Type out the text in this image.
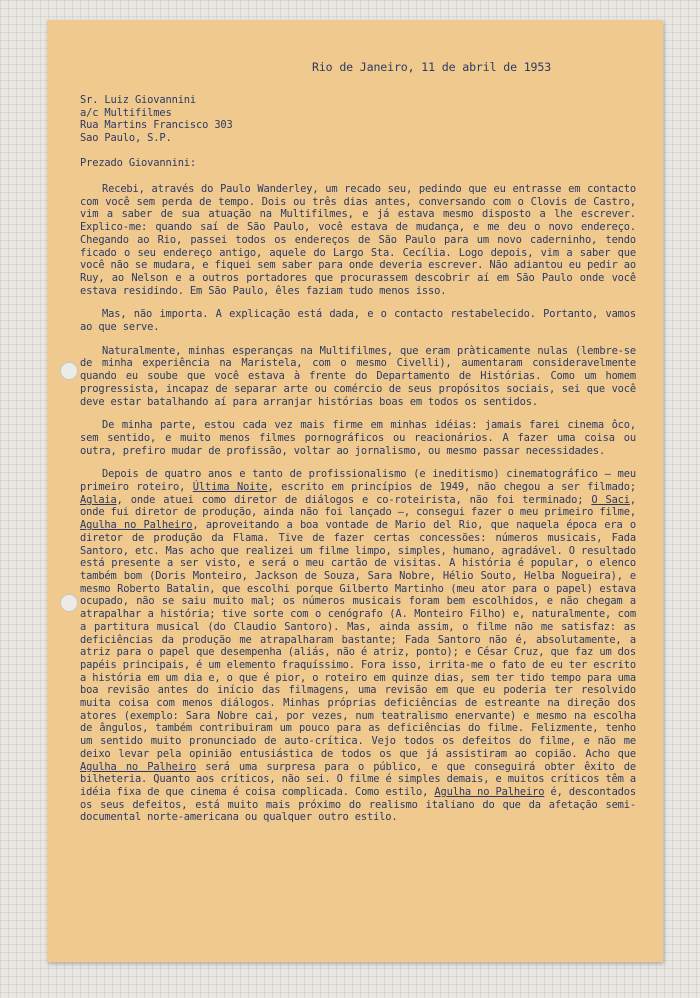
Rio de Janeiro, 11 de abril de 1953
Sr. Luiz Giovannini
a/c Multifilmes
Rua Martins Francisco 303
Sao Paulo, S.P.
Prezado Giovannini:

Recebi, através do Paulo Wanderley, um recado seu, pedindo que eu entrasse em contacto com você sem perda de tempo. Dois ou três dias antes, conversando com o Clovis de Castro, vim a saber de sua atuação na Multifilmes, e já estava mesmo disposto a lhe escrever. Explico-me: quando saí de São Paulo, você estava de mudança, e me deu o novo endereço. Chegando ao Rio, passei todos os endereços de São Paulo para um novo caderninho, tendo ficado o seu endereço antigo, aquele do Largo Sta. Cecília. Logo depois, vim a saber que você não se mudara, e fiquei sem saber para onde deveria escrever. Não adiantou eu pedir ao Ruy, ao Nelson e a outros portadores que procurassem descobrir aí em São Paulo onde você estava residindo. Em São Paulo, êles faziam tudo menos isso.

Mas, não importa. A explicação está dada, e o contacto restabelecido. Portanto, vamos ao que serve.

Naturalmente, minhas esperanças na Multifilmes, que eram pràticamente nulas (lembre-se de minha experiência na Maristela, com o mesmo Civelli), aumentaram consideravelmente quando eu soube que você estava à frente do Departamento de Histórias. Como um homem progressista, incapaz de separar arte ou comércio de seus propósitos sociais, sei que você deve estar batalhando aí para arranjar histórias boas em todos os sentidos.

De minha parte, estou cada vez mais firme em minhas idéias: jamais farei cinema ôco, sem sentido, e muito menos filmes pornográficos ou reacionários. A fazer uma coisa ou outra, prefiro mudar de profissão, voltar ao jornalismo, ou mesmo passar necessidades.

Depois de quatro anos e tanto de profissionalismo (e ineditismo) cinematográfico — meu primeiro roteiro, Última Noite, escrito em princípios de 1949, não chegou a ser filmado; Aglaia, onde atuei como diretor de diálogos e co-roteirista, não foi terminado; O Saci, onde fui diretor de produção, ainda não foi lançado —, consegui fazer o meu primeiro filme, Agulha no Palheiro, aproveitando a boa vontade de Mario del Rio, que naquela época era o diretor de produção da Flama. Tive de fazer certas concessões: números musicais, Fada Santoro, etc. Mas acho que realizei um filme limpo, simples, humano, agradável. O resultado está presente a ser visto, e será o meu cartão de visitas. A história é popular, o elenco também bom (Doris Monteiro, Jackson de Souza, Sara Nobre, Hélio Souto, Helba Nogueira), e mesmo Roberto Batalin, que escolhi porque Gilberto Martinho (meu ator para o papel) estava ocupado, não se saiu muito mal; os números musicais foram bem escolhidos, e não chegam a atrapalhar a história; tive sorte com o cenógrafo (A. Monteiro Filho) e, naturalmente, com a partitura musical (do Claudio Santoro). Mas, ainda assim, o filme não me satisfaz: as deficiências da produção me atrapalharam bastante; Fada Santoro não é, absolutamente, a atriz para o papel que desempenha (aliás, não é atriz, ponto); e César Cruz, que faz um dos papéis principais, é um elemento fraquíssimo. Fora isso, irrita-me o fato de eu ter escrito a história em um dia e, o que é pior, o roteiro em quinze dias, sem ter tido tempo para uma boa revisão antes do início das filmagens, uma revisão em que eu poderia ter resolvido muita coisa com menos diálogos. Minhas próprias deficiências de estreante na direção dos atores (exemplo: Sara Nobre cai, por vezes, num teatralismo enervante) e mesmo na escolha de ângulos, também contribuiram um pouco para as deficiências do filme. Felizmente, tenho um sentido muito pronunciado de auto-crítica. Vejo todos os defeitos do filme, e não me deixo levar pela opinião entusiástica de todos os que já assistiram ao copião. Acho que Agulha no Palheiro será uma surpresa para o público, e que conseguirá obter êxito de bilheteria. Quanto aos críticos, não sei. O filme é simples demais, e muitos críticos têm a idéia fixa de que cinema é coisa complicada. Como estilo, Agulha no Palheiro é, descontados os seus defeitos, está muito mais próximo do realismo italiano do que da afetação semi-documental norte-americana ou qualquer outro estilo.
